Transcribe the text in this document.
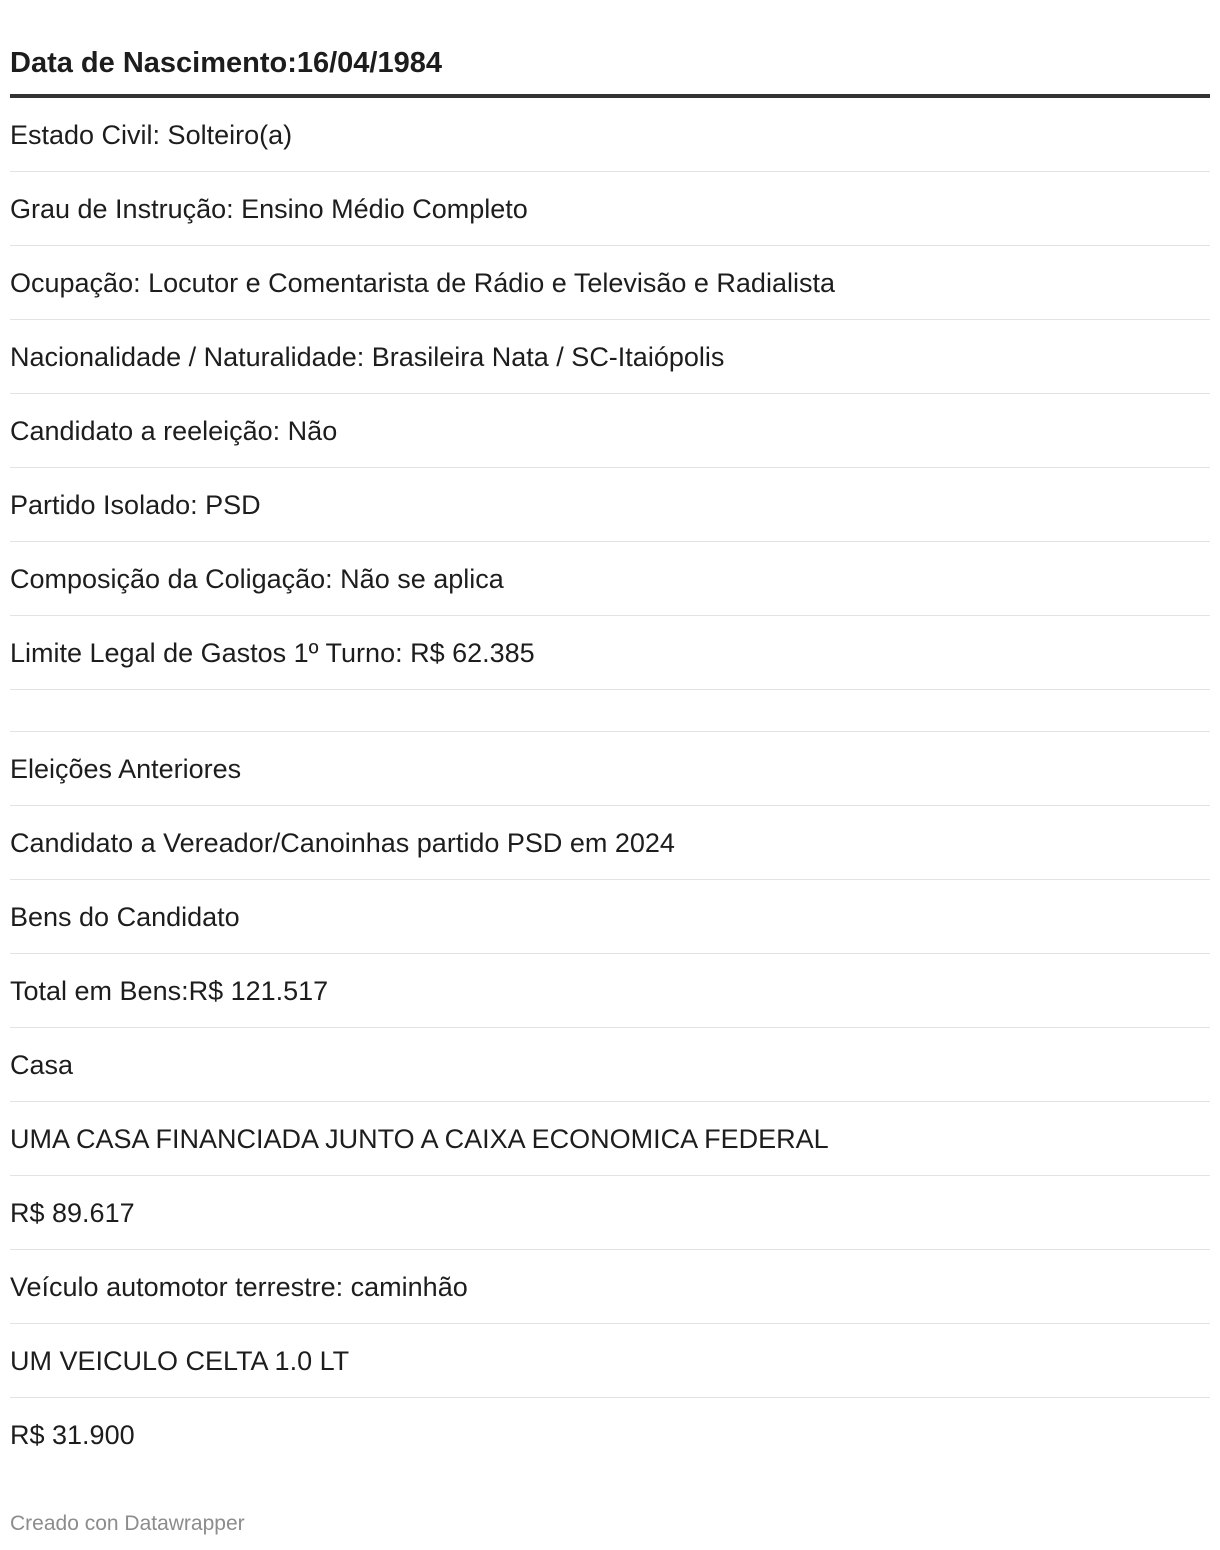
Data de Nascimento:16/04/1984
Estado Civil: Solteiro(a)
Grau de Instrução: Ensino Médio Completo
Ocupação: Locutor e Comentarista de Rádio e Televisão e Radialista
Nacionalidade / Naturalidade: Brasileira Nata / SC-Itaiópolis
Candidato a reeleição: Não
Partido Isolado: PSD
Composição da Coligação: Não se aplica
Limite Legal de Gastos 1º Turno: R$ 62.385
Eleições Anteriores
Candidato a Vereador/Canoinhas partido PSD em 2024
Bens do Candidato
Total em Bens:R$ 121.517
Casa
UMA CASA FINANCIADA JUNTO A CAIXA ECONOMICA FEDERAL
R$ 89.617
Veículo automotor terrestre: caminhão
UM VEICULO CELTA 1.0 LT
R$ 31.900
Creado con Datawrapper
